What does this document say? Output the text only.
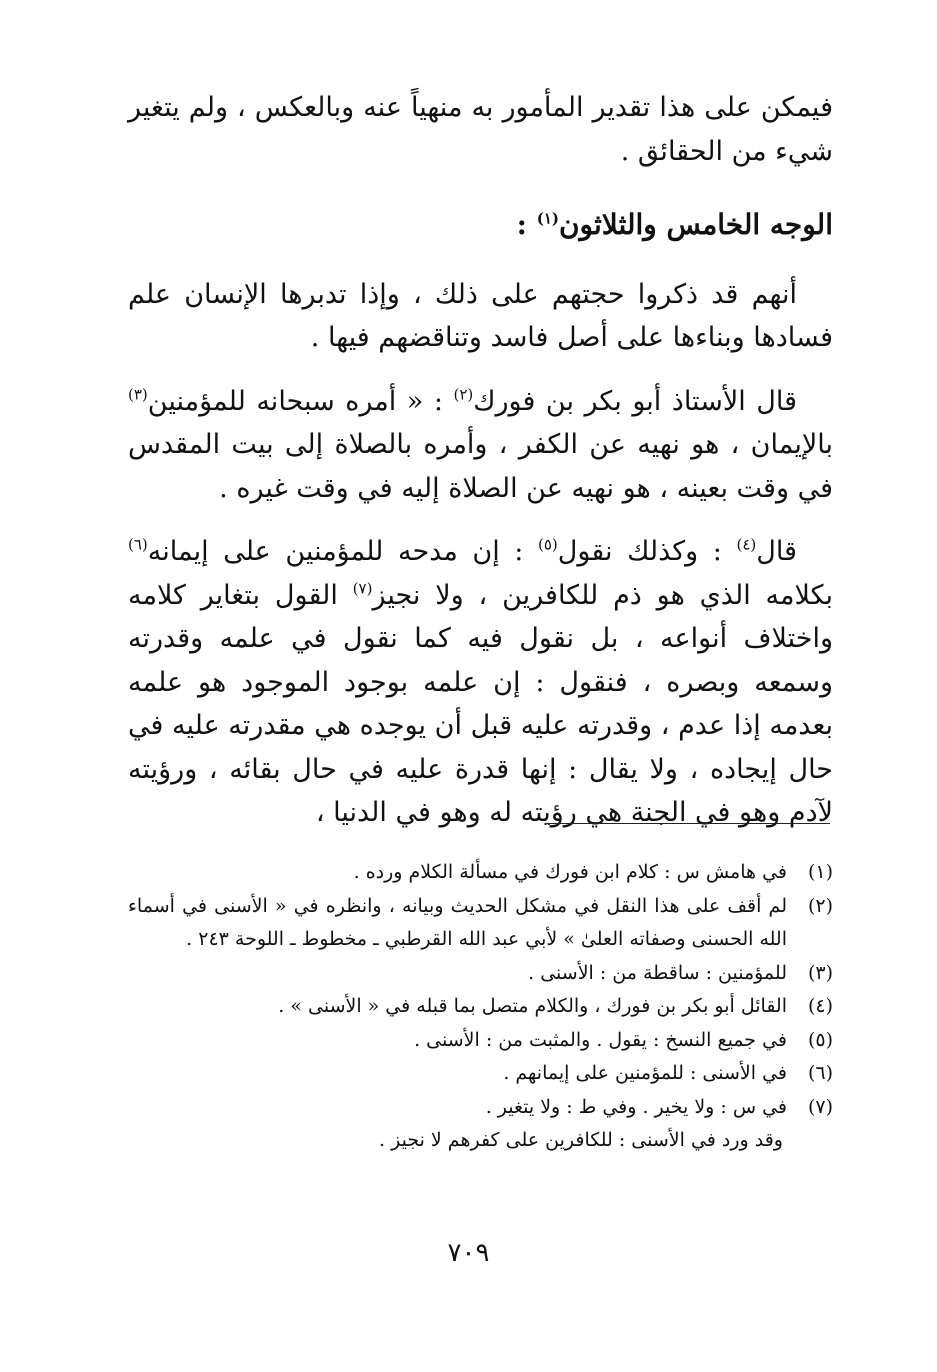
فيمكن على هذا تقدير المأمور به منهياً عنه وبالعكس ، ولم يتغير شيء من الحقائق .

الوجه الخامس والثلاثون$^{(١)}$ :

أنهم قد ذكروا حجتهم على ذلك ، وإذا تدبرها الإنسان علم فسادها وبناءها على أصل فاسد وتناقضهم فيها .

قال الأستاذ أبو بكر بن فورك$^{(٢)}$ : « أمره سبحانه للمؤمنين$^{(٣)}$ بالإيمان ، هو نهيه عن الكفر ، وأمره بالصلاة إلى بيت المقدس في وقت بعينه ، هو نهيه عن الصلاة إليه في وقت غيره .

قال$^{(٤)}$ : وكذلك نقول$^{(٥)}$ : إن مدحه للمؤمنين على إيمانه$^{(٦)}$ بكلامه الذي هو ذم للكافرين ، ولا نجيز$^{(٧)}$ القول بتغاير كلامه واختلاف أنواعه ، بل نقول فيه كما نقول في علمه وقدرته وسمعه وبصره ، فنقول : إن علمه بوجود الموجود هو علمه بعدمه إذا عدم ، وقدرته عليه قبل أن يوجده هي مقدرته عليه في حال إيجاده ، ولا يقال : إنها قدرة عليه في حال بقائه ، ورؤيته لآدم وهو في الجنة هي رؤيته له وهو في الدنيا ،

(١)
في هامش س : كلام ابن فورك في مسألة الكلام ورده .
(٢)
لم أقف على هذا النقل في مشكل الحديث وبيانه ، وانظره في « الأسنى في أسماء الله الحسنى وصفاته العلىٰ » لأبي عبد الله القرطبي ـ مخطوط ـ اللوحة ٢٤٣ .
(٣)
للمؤمنين : ساقطة من : الأسنى .
(٤)
القائل أبو بكر بن فورك ، والكلام متصل بما قبله في « الأسنى » .
(٥)
في جميع النسخ : يقول . والمثبت من : الأسنى .
(٦)
في الأسنى : للمؤمنين على إيمانهم .
(٧)
في س : ولا يخير . وفي ط : ولا يتغير .
وقد ورد في الأسنى : للكافرين على كفرهم لا نجيز .
٧٠٩
